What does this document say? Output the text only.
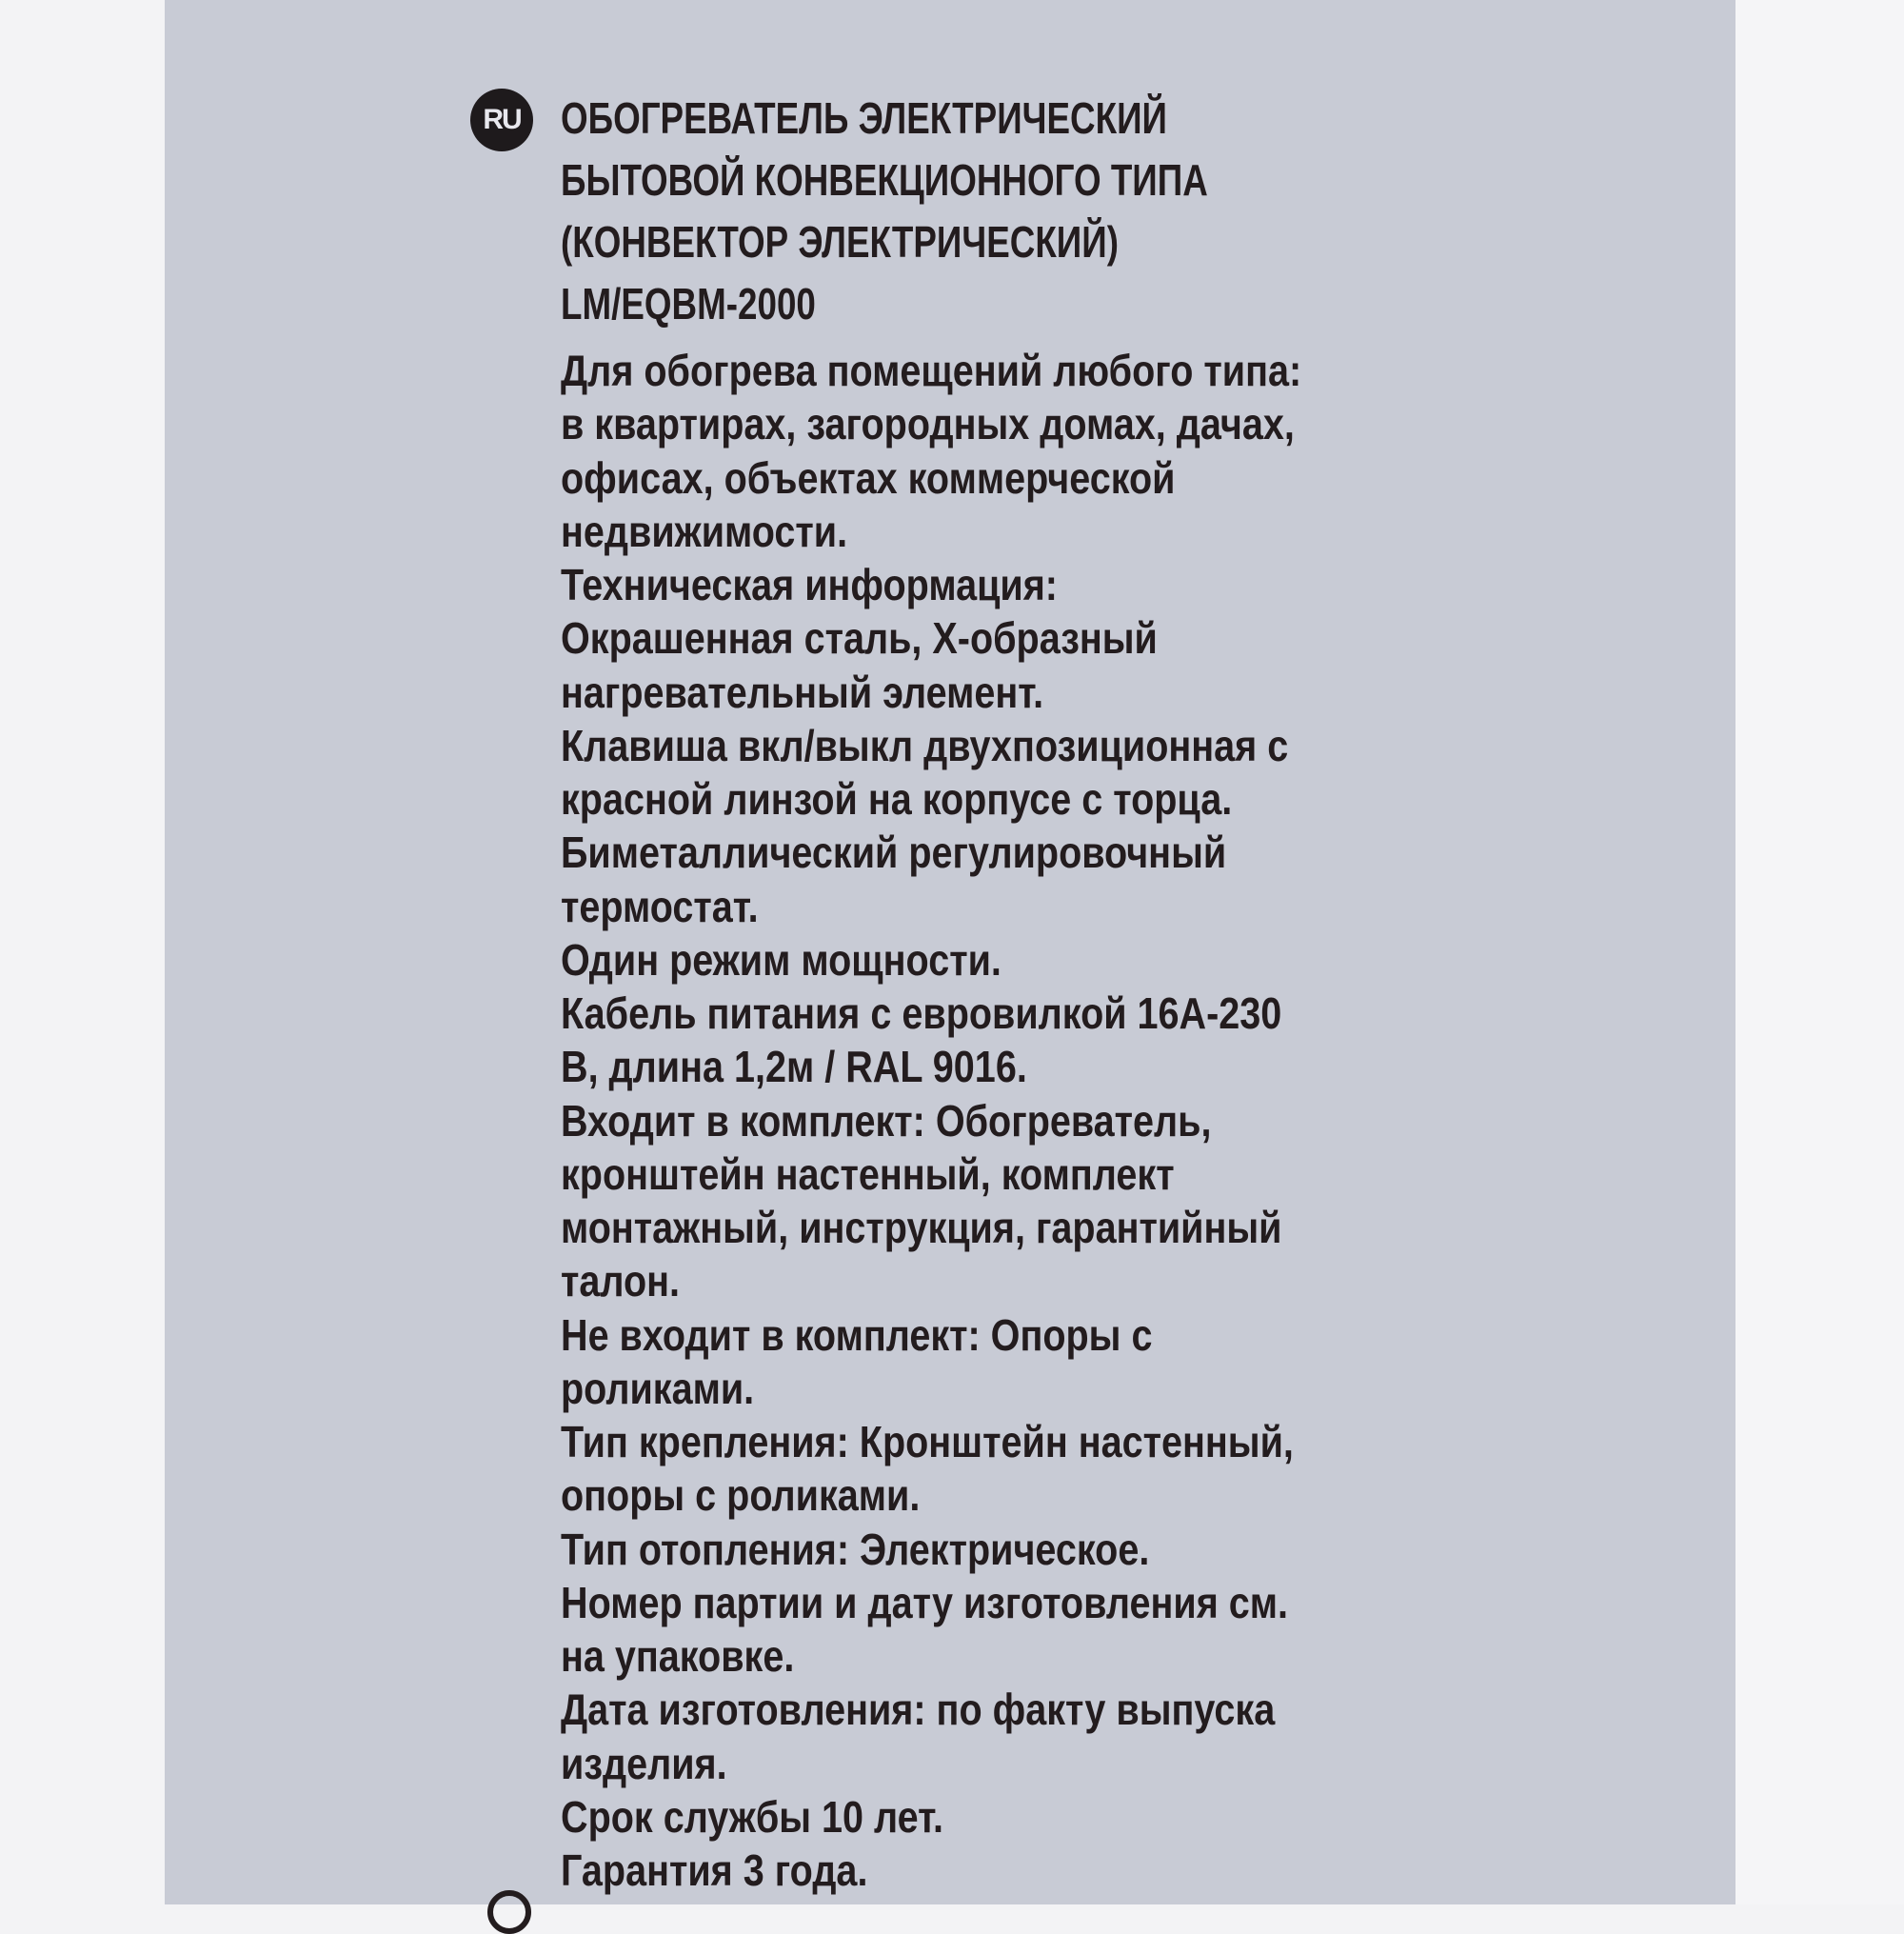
RU ОБОГРЕВАТЕЛЬ ЭЛЕКТРИЧЕСКИЙ
БЫТОВОЙ КОНВЕКЦИОННОГО ТИПА
(КОНВЕКТОР ЭЛЕКТРИЧЕСКИЙ)
LM/EQBM-2000
Для обогрева помещений любого типа:
в квартирах, загородных домах, дачах,
офисах, объектах коммерческой
недвижимости.
Техническая информация:
Окрашенная сталь, Х-образный
нагревательный элемент.
Клавиша вкл/выкл двухпозиционная с
красной линзой на корпусе с торца.
Биметаллический регулировочный
термостат.
Один режим мощности.
Кабель питания с евровилкой 16А-230
В, длина 1,2м / RAL 9016.
Входит в комплект: Обогреватель,
кронштейн настенный, комплект
монтажный, инструкция, гарантийный
талон.
Не входит в комплект: Опоры с
роликами.
Тип крепления: Кронштейн настенный,
опоры с роликами.
Тип отопления: Электрическое.
Номер партии и дату изготовления см.
на упаковке.
Дата изготовления: по факту выпуска
изделия.
Срок службы 10 лет.
Гарантия 3 года.
